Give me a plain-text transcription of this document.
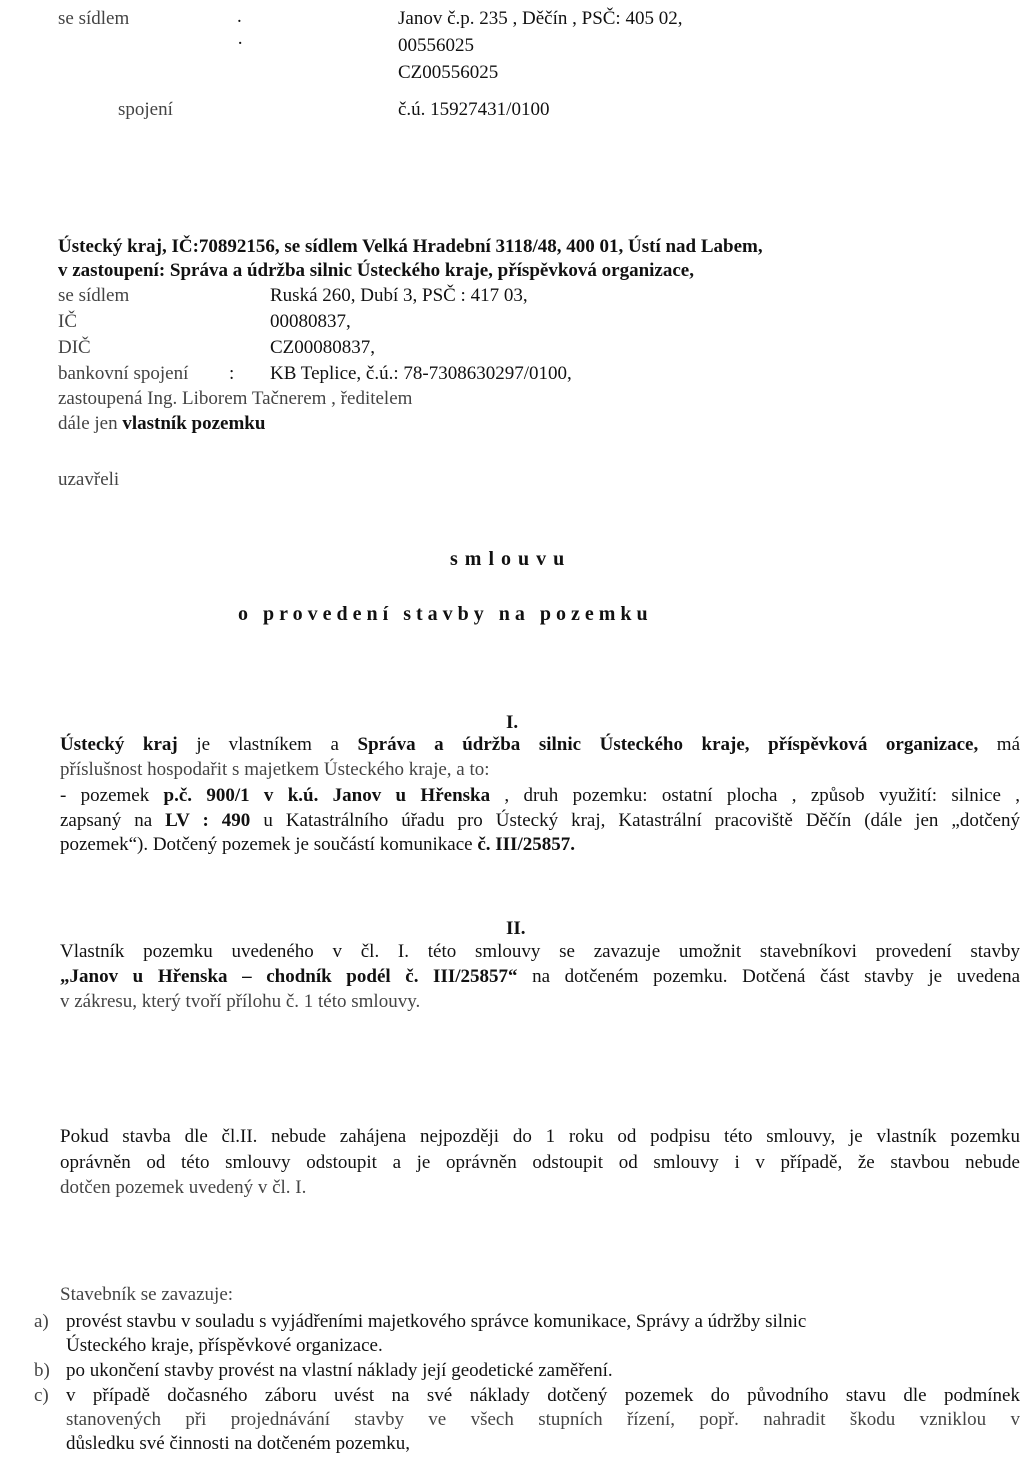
se sídlem	.	Janov č.p. 235 , Děčín , PSČ: 405 02,
·	00556025
CZ00556025
spojení	č.ú. 15927431/0100
Ústecký kraj, IČ:70892156, se sídlem Velká Hradební 3118/48, 400 01, Ústí nad Labem,
v zastoupení: Správa a údržba silnic Ústeckého kraje, příspěvková organizace,
se sídlem	Ruská 260, Dubí 3, PSČ : 417 03,
IČ	00080837,
DIČ	CZ00080837,
bankovní spojení : KB Teplice, č.ú.: 78-7308630297/0100,
zastoupená Ing. Liborem Tačnerem , ředitelem
dále jen vlastník pozemku
uzavřeli
s m l o u v u
o   p r o v e d e n í   s t a v b y   n a   p o z e m k u
I.
Ústecký kraj je vlastníkem a Správa a údržba silnic Ústeckého kraje, příspěvková organizace, má
příslušnost hospodařit s majetkem Ústeckého kraje, a to:
- pozemek p.č. 900/1 v k.ú. Janov u Hřenska , druh pozemku: ostatní plocha , způsob využití: silnice ,
zapsaný na LV : 490 u Katastrálního úřadu pro Ústecký kraj, Katastrální pracoviště Děčín (dále jen „dotčený
pozemek“). Dotčený pozemek je součástí komunikace č. III/25857.
II.
Vlastník pozemku uvedeného v čl. I. této smlouvy se zavazuje umožnit stavebníkovi provedení stavby
„Janov u Hřenska – chodník podél č. III/25857“ na dotčeném pozemku. Dotčená část stavby je uvedena
v zákresu, který tvoří přílohu č. 1 této smlouvy.
Pokud stavba dle čl.II. nebude zahájena nejpozději do 1 roku od podpisu této smlouvy, je vlastník pozemku
oprávněn od této smlouvy odstoupit a je oprávněn odstoupit od smlouvy i v případě, že stavbou nebude
dotčen pozemek uvedený v čl. I.
Stavebník se zavazuje:
a) provést stavbu v souladu s vyjádřeními majetkového správce komunikace, Správy a údržby silnic
Ústeckého kraje, příspěvkové organizace.
b) po ukončení stavby provést na vlastní náklady její geodetické zaměření.
c) v případě dočasného záboru uvést na své náklady dotčený pozemek do původního stavu dle podmínek
stanovených při projednávání stavby ve všech stupních řízení, popř. nahradit škodu vzniklou v
důsledku své činnosti na dotčeném pozemku,
